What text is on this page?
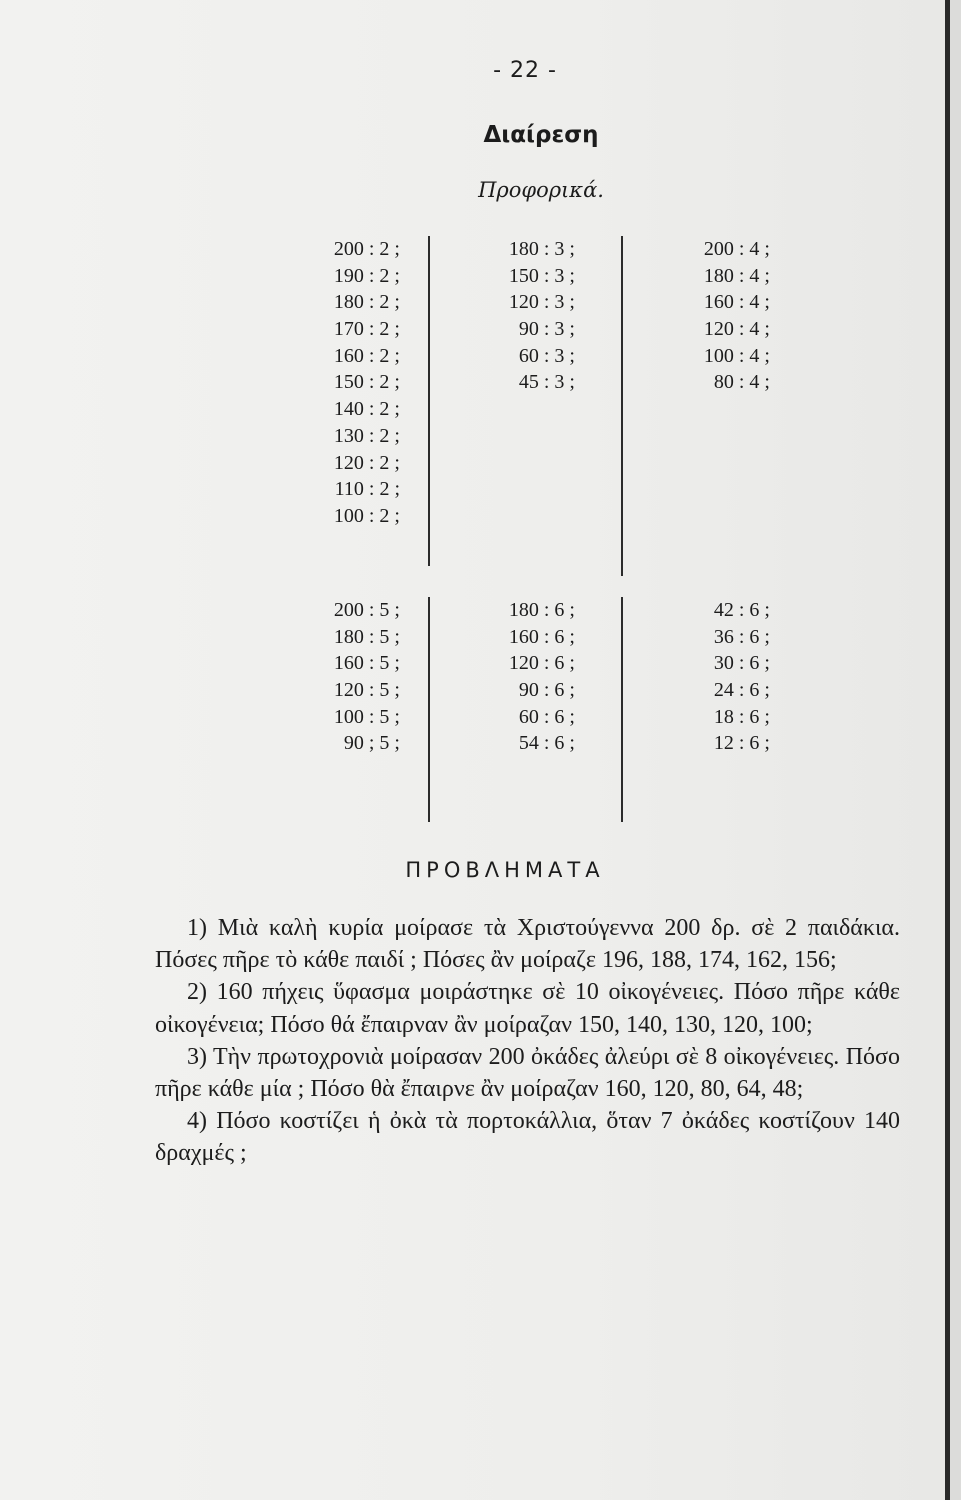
- 22 -
Διαίρεση
Προφορικά.
200 : 2 ;
190 : 2 ;
180 : 2 ;
170 : 2 ;
160 : 2 ;
150 : 2 ;
140 : 2 ;
130 : 2 ;
120 : 2 ;
110 : 2 ;
100 : 2 ;
180 : 3 ;
150 : 3 ;
120 : 3 ;
90 : 3 ;
60 : 3 ;
45 : 3 ;
200 : 4 ;
180 : 4 ;
160 : 4 ;
120 : 4 ;
100 : 4 ;
80 : 4 ;
200 : 5 ;
180 : 5 ;
160 : 5 ;
120 : 5 ;
100 : 5 ;
90 ; 5 ;
180 : 6 ;
160 : 6 ;
120 : 6 ;
90 : 6 ;
60 : 6 ;
54 : 6 ;
42 : 6 ;
36 : 6 ;
30 : 6 ;
24 : 6 ;
18 : 6 ;
12 : 6 ;
ΠΡΟΒΛΗΜΑΤΑ

1) Μιὰ καλὴ κυρία μοίρασε τὰ Χριστούγεννα 200 δρ. σὲ 2 παιδάκια. Πόσες πῆρε τὸ κάθε παιδί ; Πόσες ἂν μοίραζε 196, 188, 174, 162, 156;

2) 160 πήχεις ὕφασμα μοιράστηκε σὲ 10 οἰκογένειες. Πόσο πῆρε κάθε οἰκογένεια; Πόσο θά ἔπαιρναν ἂν μοίραζαν 150, 140, 130, 120, 100;

3) Τὴν πρωτοχρονιὰ μοίρασαν 200 ὀκάδες ἀλεύρι σὲ 8 οἰκογένειες. Πόσο πῆρε κάθε μία ; Πόσο θὰ ἔπαιρνε ἂν μοίραζαν 160, 120, 80, 64, 48;

4) Πόσο κοστίζει ἡ ὀκὰ τὰ πορτοκάλλια, ὅταν 7 ὀκάδες κοστίζουν 140 δραχμές ;
